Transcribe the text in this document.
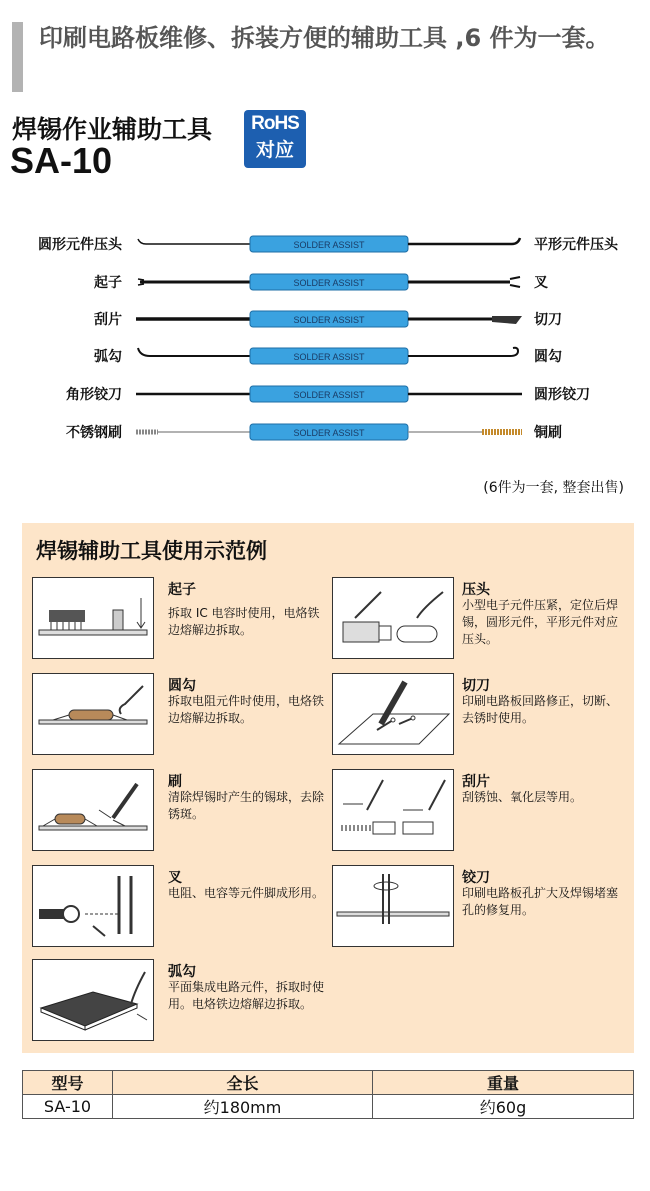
印刷电路板维修、拆装方便的辅助工具 ,6 件为一套。
焊锡作业辅助工具
SA-10
RoHS
对应
圆形元件压头	SOLDER ASSIST	平形元件压头
起子	SOLDER ASSIST	叉
刮片	SOLDER ASSIST	切刀
弧勾	SOLDER ASSIST	圆勾
角形铰刀	SOLDER ASSIST	圆形铰刀
不锈钢刷	SOLDER ASSIST	铜刷
(6件为一套, 整套出售)
焊锡辅助工具使用示范例
起子
拆取 IC 电容时使用，电烙铁边熔解边拆取。
压头
小型电子元件压紧，定位后焊锡，圆形元件，平形元件对应压头。
圆勾
拆取电阻元件时使用，电烙铁边熔解边拆取。
切刀
印刷电路板回路修正，切断、去锈时使用。
刷
清除焊锡时产生的锡球，去除锈斑。
刮片
刮锈蚀、氧化层等用。
叉
电阻、电容等元件脚成形用。
铰刀
印刷电路板孔扩大及焊锡堵塞孔的修复用。
弧勾
平面集成电路元件，拆取时使用。电烙铁边熔解边拆取。
型号	全长	重量
SA-10	约180mm	约60g
